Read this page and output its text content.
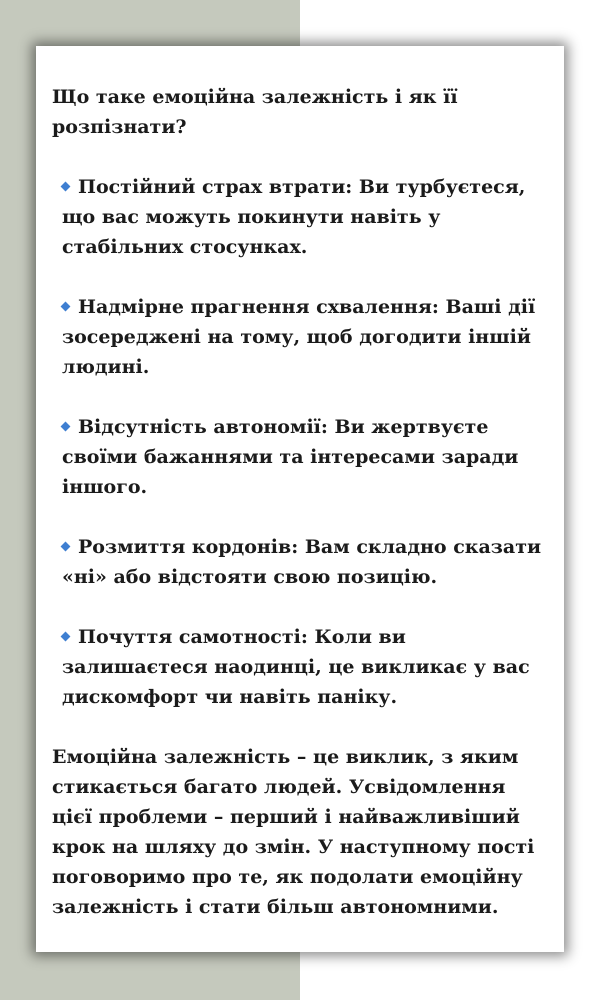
Що таке емоційна залежність і як її розпізнати?

Постійний страх втрати: Ви турбуєтеся, що вас можуть покинути навіть у стабільних стосунках.

Надмірне прагнення схвалення: Ваші дії зосереджені на тому, щоб догодити іншій людині.

Відсутність автономії: Ви жертвуєте своїми бажаннями та інтересами заради іншого.

Розмиття кордонів: Вам складно сказати «ні» або відстояти свою позицію.

Почуття самотності: Коли ви залишаєтеся наодинці, це викликає у вас дискомфорт чи навіть паніку.

Емоційна залежність – це виклик, з яким стикається багато людей. Усвідомлення цієї проблеми – перший і найважливіший крок на шляху до змін. У наступному пості поговоримо про те, як подолати емоційну залежність і стати більш автономними.
